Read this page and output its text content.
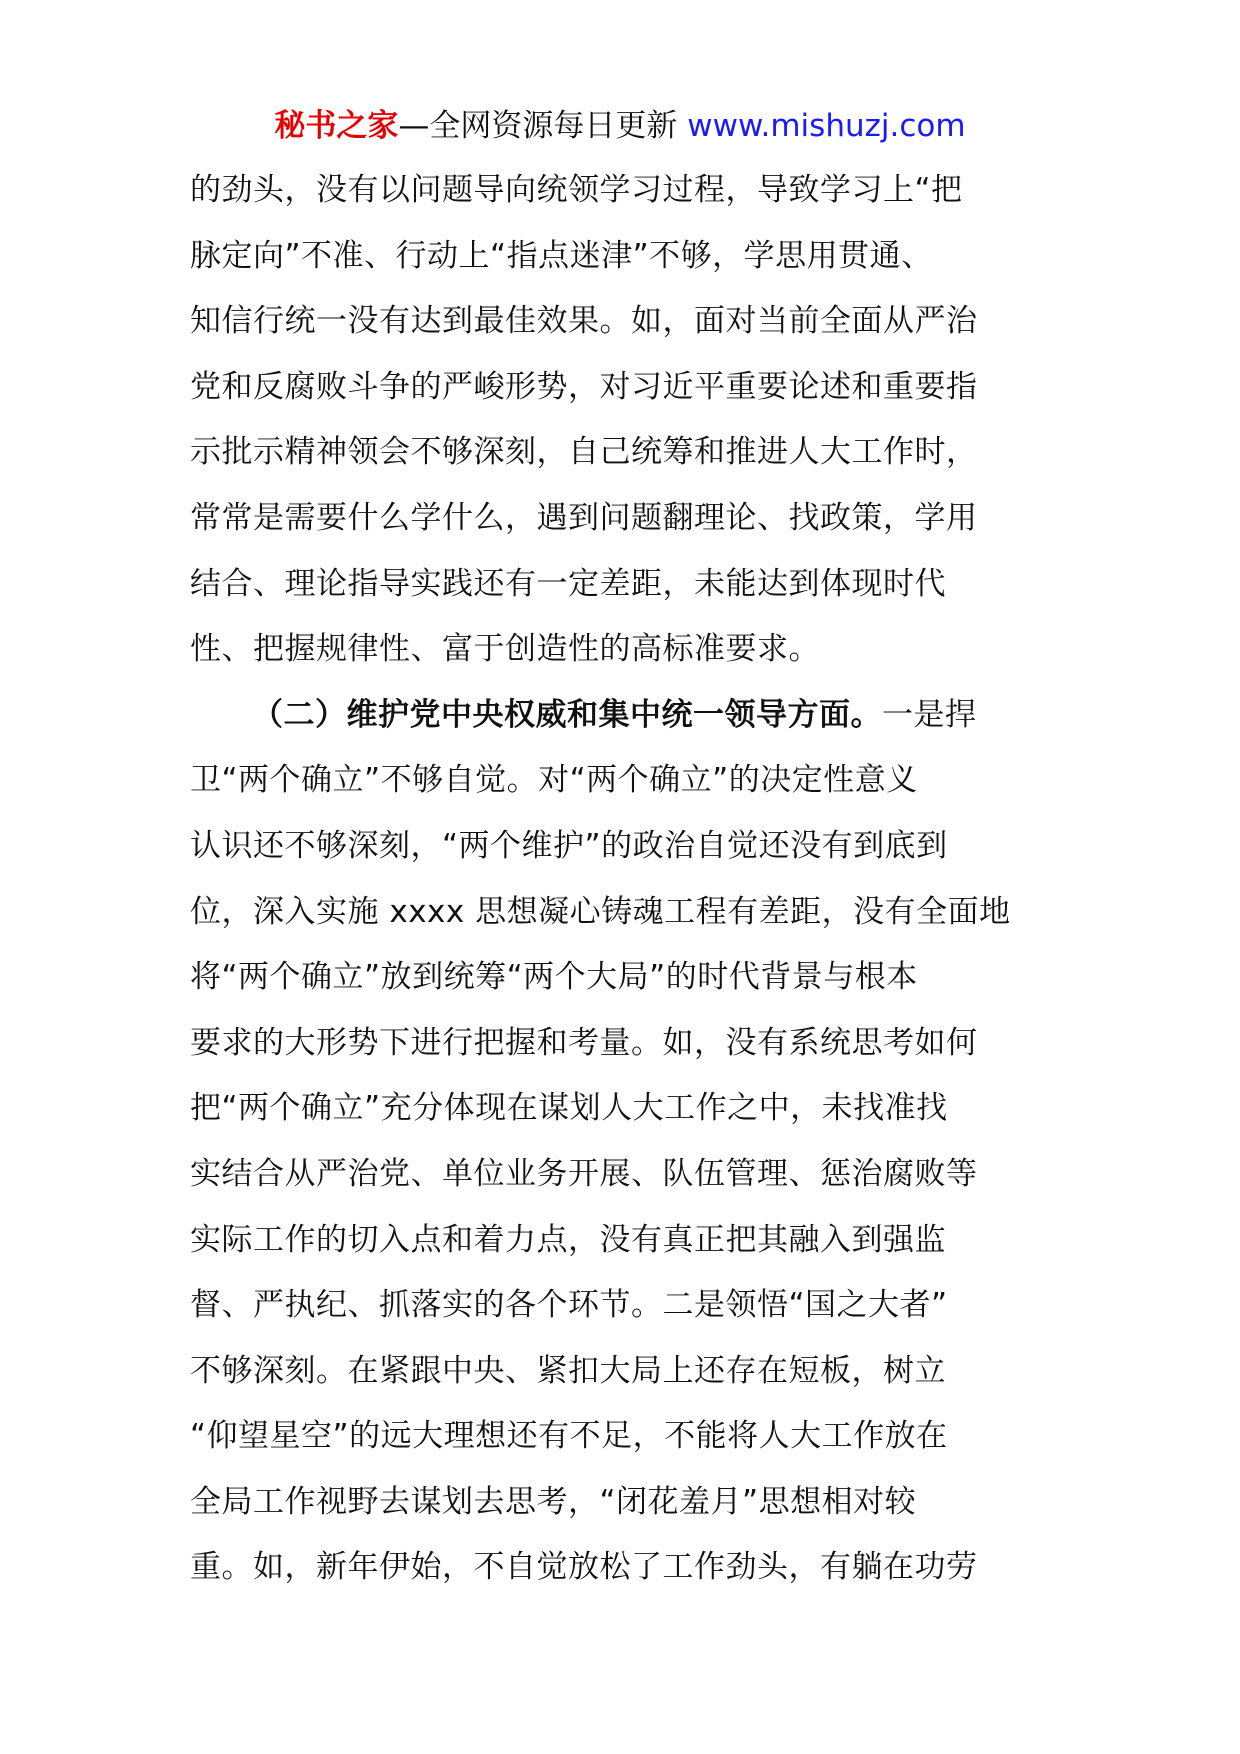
秘书之家—全网资源每日更新 www.mishuzj.com
的劲头，没有以问题导向统领学习过程，导致学习上“把
脉定向”不准、行动上“指点迷津”不够，学思用贯通、
知信行统一没有达到最佳效果。如，面对当前全面从严治
党和反腐败斗争的严峻形势，对习近平重要论述和重要指
示批示精神领会不够深刻，自己统筹和推进人大工作时，
常常是需要什么学什么，遇到问题翻理论、找政策，学用
结合、理论指导实践还有一定差距，未能达到体现时代
性、把握规律性、富于创造性的高标准要求。
（二）维护党中央权威和集中统一领导方面。一是捍
卫“两个确立”不够自觉。对“两个确立”的决定性意义
认识还不够深刻，“两个维护”的政治自觉还没有到底到
位，深入实施 xxxx 思想凝心铸魂工程有差距，没有全面地
将“两个确立”放到统筹“两个大局”的时代背景与根本
要求的大形势下进行把握和考量。如，没有系统思考如何
把“两个确立”充分体现在谋划人大工作之中，未找准找
实结合从严治党、单位业务开展、队伍管理、惩治腐败等
实际工作的切入点和着力点，没有真正把其融入到强监
督、严执纪、抓落实的各个环节。二是领悟“国之大者”
不够深刻。在紧跟中央、紧扣大局上还存在短板，树立
“仰望星空”的远大理想还有不足，不能将人大工作放在
全局工作视野去谋划去思考，“闭花羞月”思想相对较
重。如，新年伊始，不自觉放松了工作劲头，有躺在功劳
